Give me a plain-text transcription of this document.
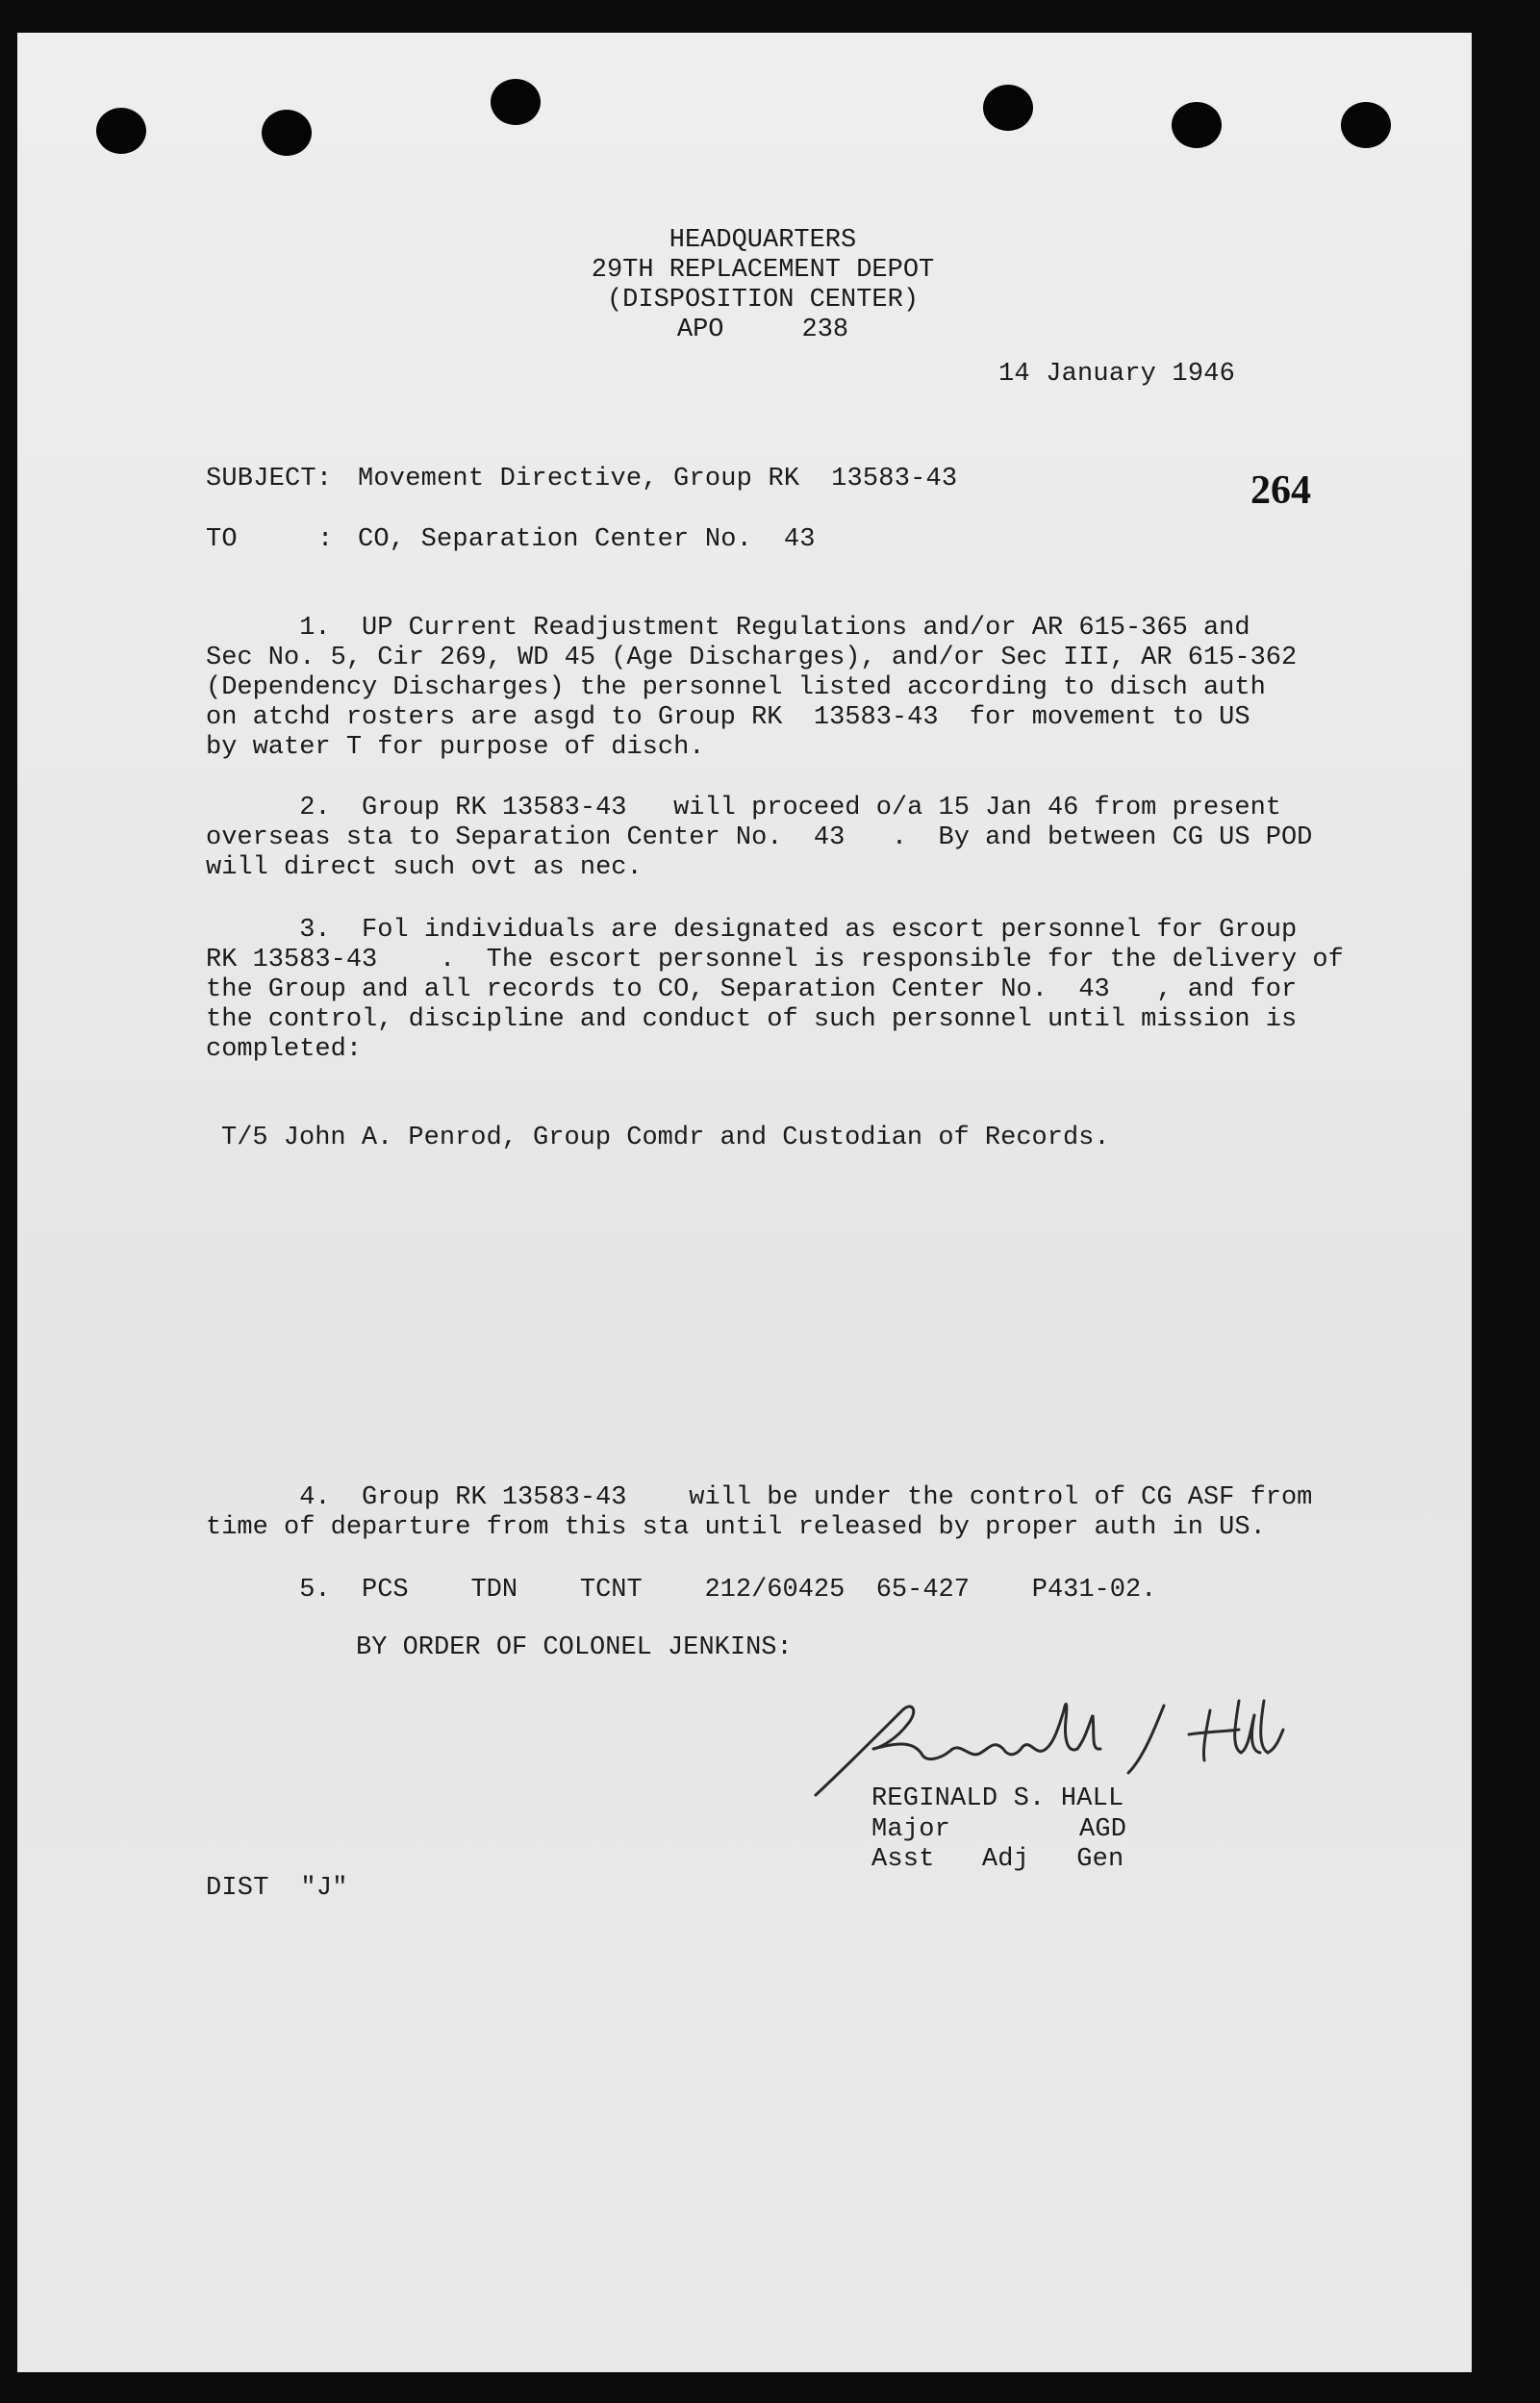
HEADQUARTERS
29TH REPLACEMENT DEPOT
(DISPOSITION CENTER)
APO     238
14 January 1946
264
SUBJECT: Movement Directive, Group RK  13583-43
TO	: CO, Separation Center No.  43
1.  UP Current Readjustment Regulations and/or AR 615-365 and
Sec No. 5, Cir 269, WD 45 (Age Discharges), and/or Sec III, AR 615-362
(Dependency Discharges) the personnel listed according to disch auth
on atchd rosters are asgd to Group RK  13583-43  for movement to US
by water T for purpose of disch.
2.  Group RK 13583-43   will proceed o/a 15 Jan 46 from present
overseas sta to Separation Center No.  43   .  By and between CG US POD
will direct such ovt as nec.
3.  Fol individuals are designated as escort personnel for Group
RK 13583-43    .  The escort personnel is responsible for the delivery of
the Group and all records to CO, Separation Center No.  43   , and for
the control, discipline and conduct of such personnel until mission is
completed:
T/5 John A. Penrod, Group Comdr and Custodian of Records.
4.  Group RK 13583-43    will be under the control of CG ASF from
time of departure from this sta until released by proper auth in US.
5.  PCS    TDN    TCNT    212/60425  65-427    P431-02.
BY ORDER OF COLONEL JENKINS:
REGINALD S. HALL
Major	AGD
Asst   Adj   Gen
DIST  "J"
